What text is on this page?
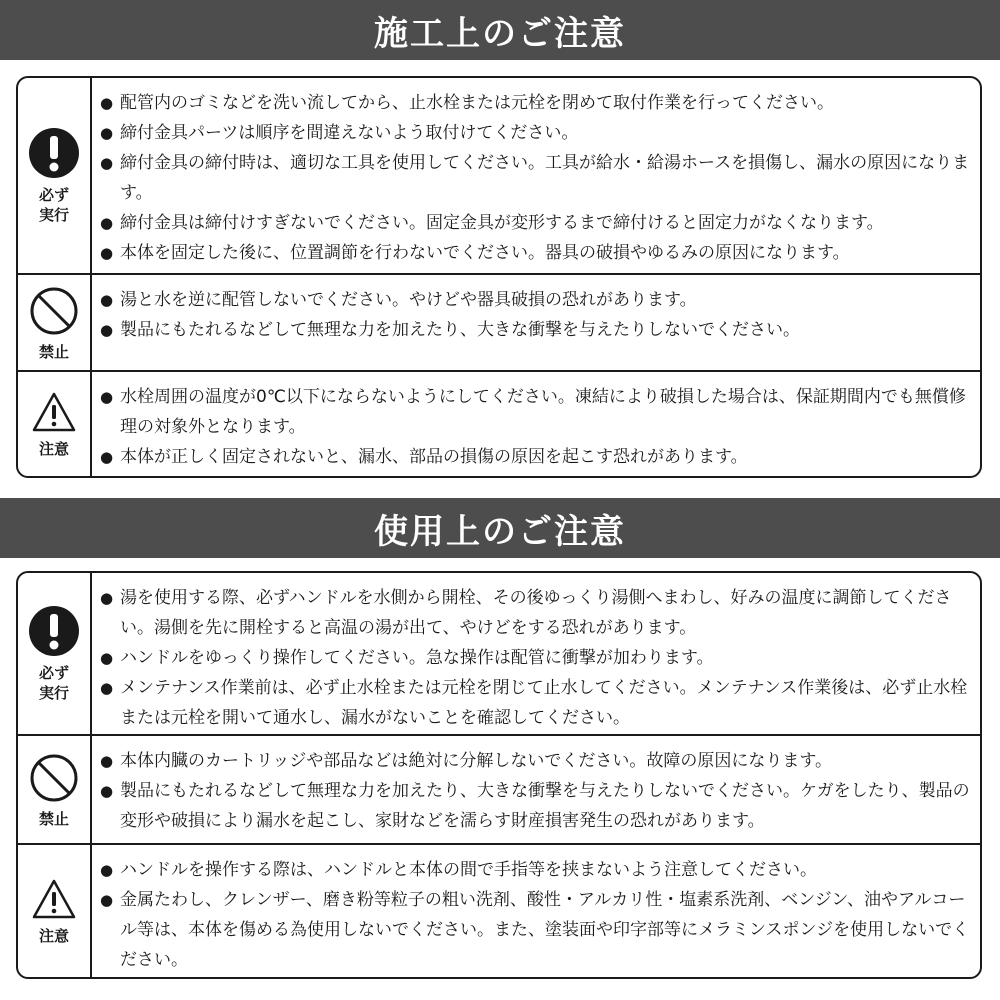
施工上のご注意
必ず
実行
● 配管内のゴミなどを洗い流してから、止水栓または元栓を閉めて取付作業を行ってください。
● 締付金具パーツは順序を間違えないよう取付けてください。
● 締付金具の締付時は、適切な工具を使用してください。工具が給水・給湯ホースを損傷し、漏水の原因になります。
● 締付金具は締付けすぎないでください。固定金具が変形するまで締付けると固定力がなくなります。
● 本体を固定した後に、位置調節を行わないでください。器具の破損やゆるみの原因になります。
禁止
● 湯と水を逆に配管しないでください。やけどや器具破損の恐れがあります。
● 製品にもたれるなどして無理な力を加えたり、大きな衝撃を与えたりしないでください。
注意
● 水栓周囲の温度が0℃以下にならないようにしてください。凍結により破損した場合は、保証期間内でも無償修理の対象外となります。
● 本体が正しく固定されないと、漏水、部品の損傷の原因を起こす恐れがあります。
使用上のご注意
必ず
実行
● 湯を使用する際、必ずハンドルを水側から開栓、その後ゆっくり湯側へまわし、好みの温度に調節してください。湯側を先に開栓すると高温の湯が出て、やけどをする恐れがあります。
● ハンドルをゆっくり操作してください。急な操作は配管に衝撃が加わります。
● メンテナンス作業前は、必ず止水栓または元栓を閉じて止水してください。メンテナンス作業後は、必ず止水栓または元栓を開いて通水し、漏水がないことを確認してください。
禁止
● 本体内臓のカートリッジや部品などは絶対に分解しないでください。故障の原因になります。
● 製品にもたれるなどして無理な力を加えたり、大きな衝撃を与えたりしないでください。ケガをしたり、製品の変形や破損により漏水を起こし、家財などを濡らす財産損害発生の恐れがあります。
注意
● ハンドルを操作する際は、ハンドルと本体の間で手指等を挟まないよう注意してください。
● 金属たわし、クレンザー、磨き粉等粒子の粗い洗剤、酸性・アルカリ性・塩素系洗剤、ベンジン、油やアルコール等は、本体を傷める為使用しないでください。また、塗装面や印字部等にメラミンスポンジを使用しないでください。
